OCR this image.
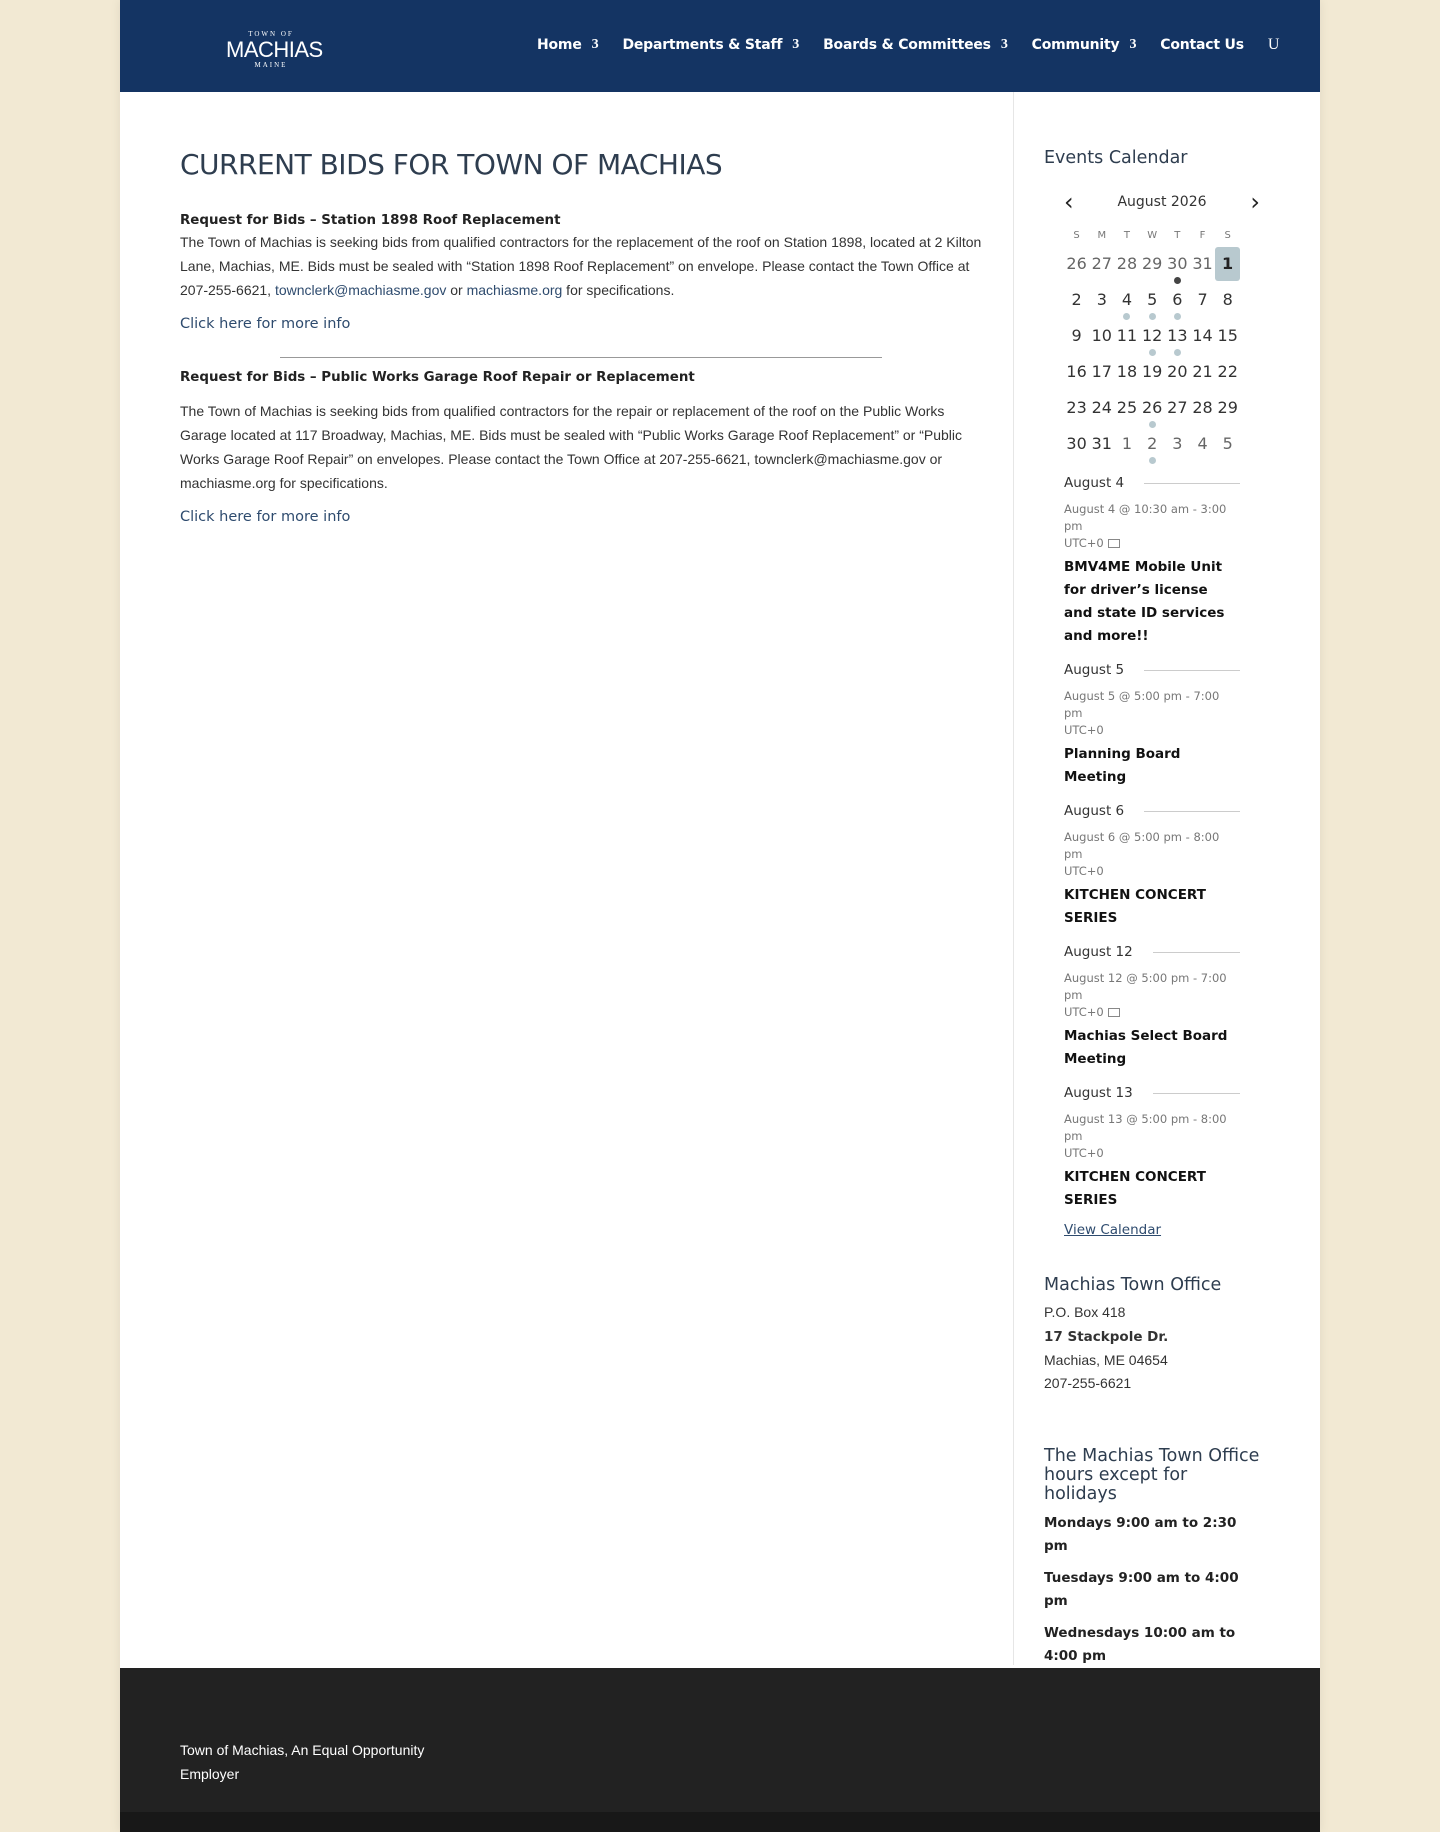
TOWN OF
MACHIAS
MAINE
Home 3 Departments & Staff 3 Boards & Committees 3 Community 3 Contact Us U
CURRENT BIDS FOR TOWN OF MACHIAS
Request for Bids – Station 1898 Roof Replacement

The Town of Machias is seeking bids from qualified contractors for the replacement of the roof on Station 1898, located at 2 Kilton Lane, Machias, ME. Bids must be sealed with “Station 1898 Roof Replacement” on envelope. Please contact the Town Office at 207-255-6621, townclerk@machiasme.gov or machiasme.org for specifications.

Click here for more info
Request for Bids – Public Works Garage Roof Repair or Replacement

The Town of Machias is seeking bids from qualified contractors for the repair or replacement of the roof on the Public Works Garage located at 117 Broadway, Machias, ME. Bids must be sealed with “Public Works Garage Roof Replacement” or “Public Works Garage Roof Repair” on envelopes. Please contact the Town Office at 207-255-6621, townclerk@machiasme.gov or machiasme.org for specifications.

Click here for more info
Events Calendar
‹	August 2026 ›
S	M	T	W	T	F	S
26 27 28 29 30 31 1
2 3 4 5 6 7 8
9 10 11 12 13 14 15
16 17 18 19 20 21 22
23 24 25 26 27 28 29
30 31 1 2 3 4 5
August 4
August 4 @ 10:30 am - 3:00 pm
UTC+0
BMV4ME Mobile Unit for driver’s license and state ID services and more!!
August 5
August 5 @ 5:00 pm - 7:00 pm
UTC+0
Planning Board Meeting
August 6
August 6 @ 5:00 pm - 8:00 pm
UTC+0
KITCHEN CONCERT SERIES
August 12
August 12 @ 5:00 pm - 7:00 pm
UTC+0
Machias Select Board Meeting
August 13
August 13 @ 5:00 pm - 8:00 pm
UTC+0
KITCHEN CONCERT SERIES
View Calendar
Machias Town Office

P.O. Box 418

17 Stackpole Dr.

Machias, ME 04654

207-255-6621

The Machias Town Office hours except for holidays

Mondays 9:00 am to 2:30 pm

Tuesdays 9:00 am to 4:00 pm

Wednesdays 10:00 am to 4:00 pm

Town of Machias, An Equal Opportunity Employer
